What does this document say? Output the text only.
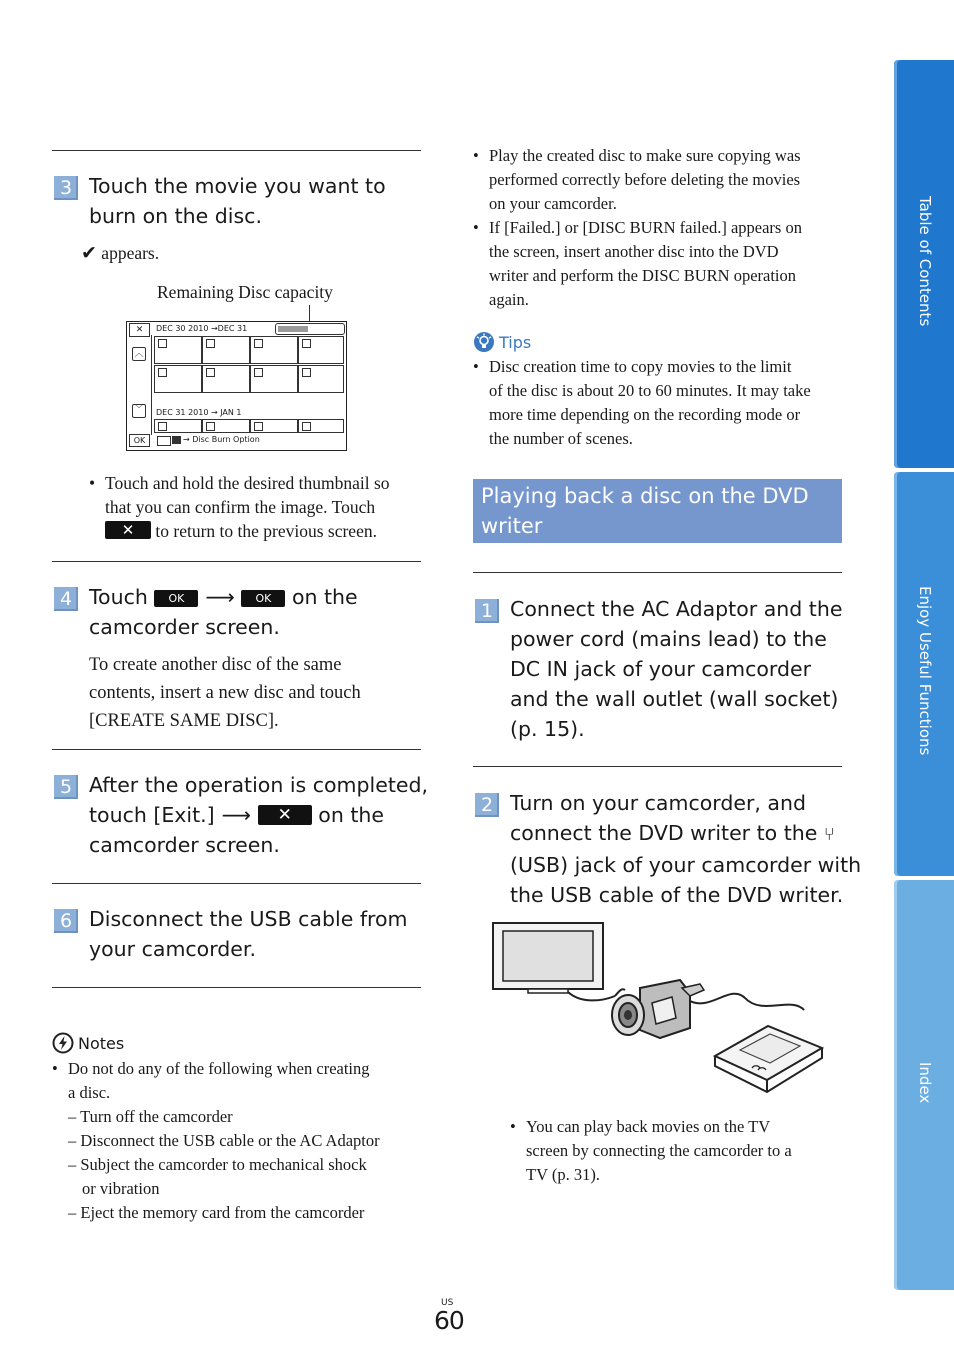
3 Touch the movie you want to
burn on the disc.
✔ appears.
Remaining Disc capacity
✕	DEC 30 2010 →DEC 31
︿
﹀	DEC 31 2010 → JAN 1
OK	→ Disc Burn Option
• Touch and hold the desired thumbnail so
that you can confirm the image. Touch
✕ to return to the previous screen.
4 Touch OK ⟶ OK on the
camcorder screen.
To create another disc of the same
contents, insert a new disc and touch
[CREATE SAME DISC].
5 After the operation is completed,
touch [Exit.] ⟶ ✕ on the
camcorder screen.
6 Disconnect the USB cable from
your camcorder.
Notes
• Do not do any of the following when creating
a disc.
– Turn off the camcorder
– Disconnect the USB cable or the AC Adaptor
– Subject the camcorder to mechanical shock
or vibration
– Eject the memory card from the camcorder
• Play the created disc to make sure copying was
performed correctly before deleting the movies
on your camcorder.
• If [Failed.] or [DISC BURN failed.] appears on
the screen, insert another disc into the DVD
writer and perform the DISC BURN operation
again.
Tips
• Disc creation time to copy movies to the limit
of the disc is about 20 to 60 minutes. It may take
more time depending on the recording mode or
the number of scenes.
Playing back a disc on the DVD
writer
1 Connect the AC Adaptor and the
power cord (mains lead) to the
DC IN jack of your camcorder
and the wall outlet (wall socket)
(p. 15).
2 Turn on your camcorder, and
connect the DVD writer to the ⑂
(USB) jack of your camcorder with
the USB cable of the DVD writer.
• You can play back movies on the TV
screen by connecting the camcorder to a
TV (p. 31).
Table of Contents
Enjoy Useful Functions
Index
US
60
